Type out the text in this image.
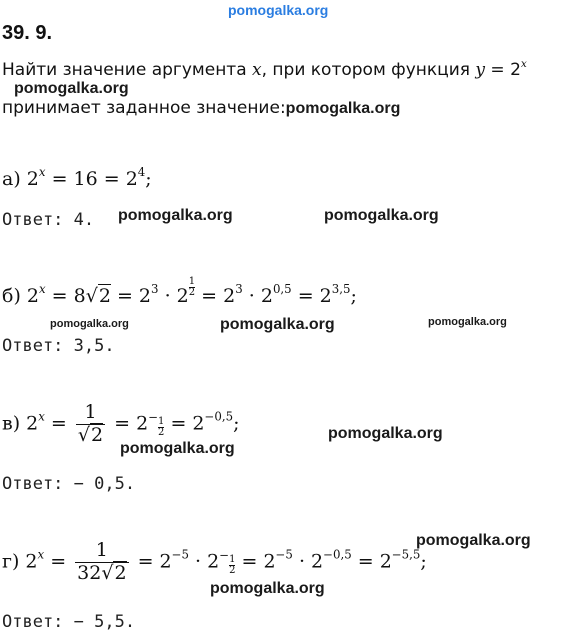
pomogalka.org
39. 9.
Найти значение аргумента x, при котором функция $y = 2^x$
pomogalka.org
принимает заданное значение:pomogalka.org
а) $2^x = 16 = 2^4$;
Ответ: 4. pomogalka.org	pomogalka.org
б) $2^x = 8√2 = 2^3 \cdot 2$ $^{\frac{1}{2}} = 2^3 \cdot 2^{0,5} = 2^{3,5}$;
pomogalka.org	pomogalka.org	pomogalka.org
Ответ: 3,5.
в) $2^x = \frac{1}{√2} = 2^{- \frac{1}{2}} = 2^{-0,5}$;	pomogalka.org
pomogalka.org
Ответ: − 0,5.
pomogalka.org
г) $2^x = \frac{1}{32√2} = 2^{-5} \cdot 2^{- \frac{1}{2}} = 2^{-5} \cdot 2^{-0,5} = 2^{-5,5}$;
pomogalka.org
Ответ: − 5,5.
